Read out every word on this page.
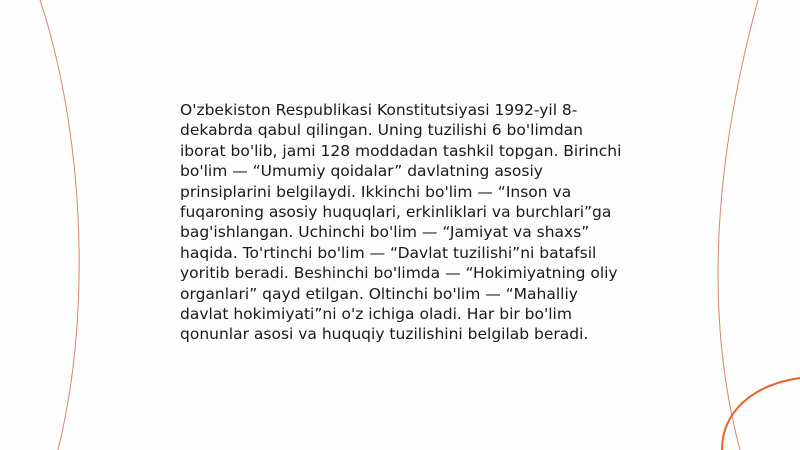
O'zbekiston Respublikasi Konstitutsiyasi 1992-yil 8-dekabrda qabul qilingan. Uning tuzilishi 6 bo'limdan iborat bo'lib, jami 128 moddadan tashkil topgan. Birinchi bo'lim — “Umumiy qoidalar” davlatning asosiy prinsiplarini belgilaydi. Ikkinchi bo'lim — “Inson va fuqaroning asosiy huquqlari, erkinliklari va burchlari”ga bag'ishlangan. Uchinchi bo'lim — “Jamiyat va shaxs” haqida. To'rtinchi bo'lim — “Davlat tuzilishi”ni batafsil yoritib beradi. Beshinchi bo'limda — “Hokimiyatning oliy organlari” qayd etilgan. Oltinchi bo'lim — “Mahalliy davlat hokimiyati”ni o'z ichiga oladi. Har bir bo'lim qonunlar asosi va huquqiy tuzilishini belgilab beradi.
